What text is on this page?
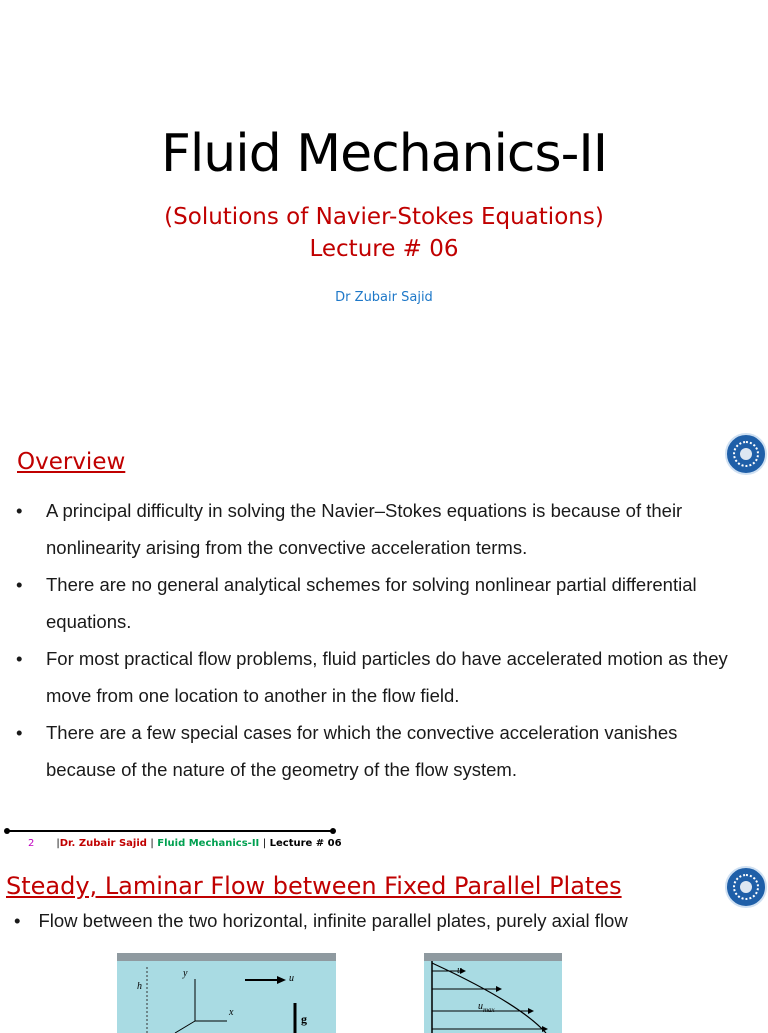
Fluid Mechanics-II
(Solutions of Navier-Stokes Equations)
Lecture # 06
Dr Zubair Sajid
Overview
• A principal difficulty in solving the Navier–Stokes equations is because of their nonlinearity arising from the convective acceleration terms.
• There are no general analytical schemes for solving nonlinear partial differential equations.
• For most practical flow problems, fluid particles do have accelerated motion as they move from one location to another in the flow field.
• There are a few special cases for which the convective acceleration vanishes because of the nature of the geometry of the flow system.
2 |Dr. Zubair Sajid | Fluid Mechanics-II | Lecture # 06
Steady, Laminar Flow between Fixed Parallel Plates
• Flow between the two horizontal, infinite parallel plates, purely axial flow
y
h
u
x	g
u
$u_{max}$
